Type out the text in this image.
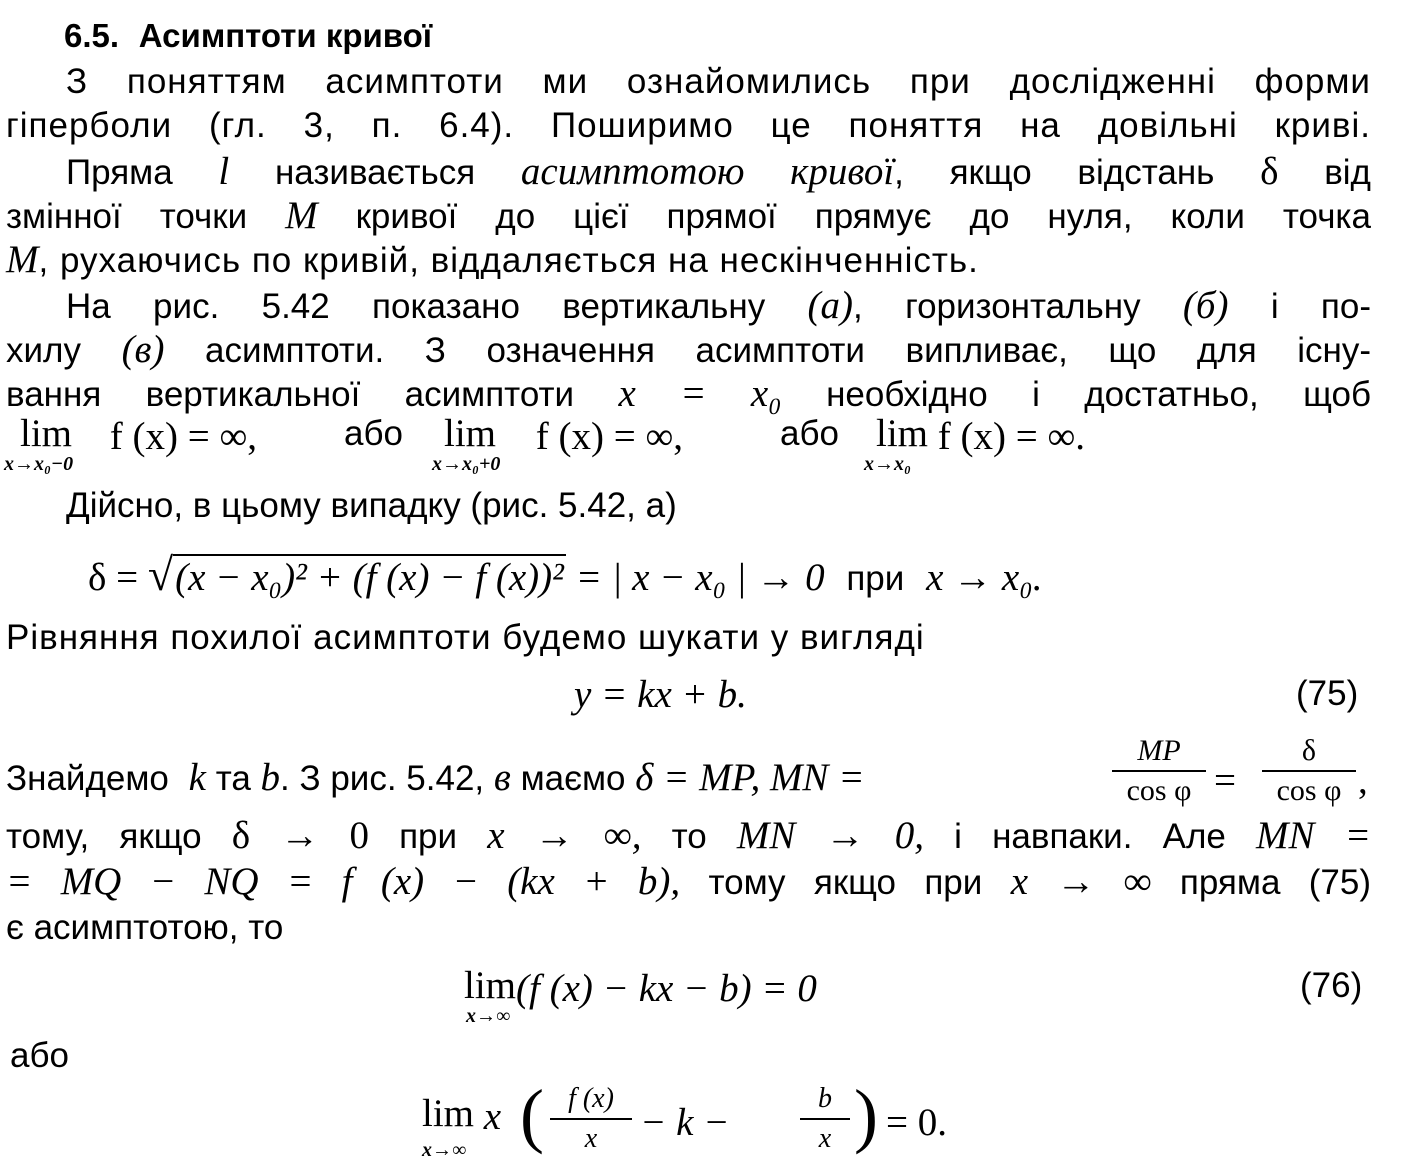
6.5. Асимптоти кривої
З поняттям асимптоти ми ознайомились при дослідженні форми
гіперболи (гл. 3, п. 6.4). Поширимо це поняття на довільні криві.
Пряма l називається асимптотою кривої, якщо відстань δ від
змінної точки M кривої до цієї прямої прямує до нуля, коли точка
M, рухаючись по кривій, віддаляється на нескінченність.
На рис. 5.42 показано вертикальну (а), горизонтальну (б) і по-
хилу (в) асимптоти. З означення асимптоти випливає, що для існу-
вання вертикальної асимптоти x = x₀ необхідно і достатньо, щоб
lim
x→x₀−0
f (x) = ∞, або lim
x→x₀+0
f (x) = ∞,	або lim
x→x₀
f (x) = ∞.
Дійсно, в цьому випадку (рис. 5.42, а)
δ = √(x − x₀)² + (f (x) − f (x))² = | x − x₀ | → 0 при x → x₀.
Рівняння похилої асимптоти будемо шукати у вигляді
y = kx + b.	(75)
Знайдемо k та b. З рис. 5.42, в маємо δ = MP, MN =	$\frac{MP}{\text{cos φ}} = \frac{\delta}{\text{cos φ}}$ ,
тому, якщо δ → 0 при x → ∞, то MN → 0, і навпаки. Але MN =
= MQ − NQ = f (x) − (kx + b), тому якщо при x → ∞ пряма (75)
є асимптотою, то
lim
x→∞
(f (x) − kx − b) = 0	(76)
або
lim
x→∞
x ( $\frac{f (x)}{x} - k$ −	$\frac{b}{x}$ ) = 0.
